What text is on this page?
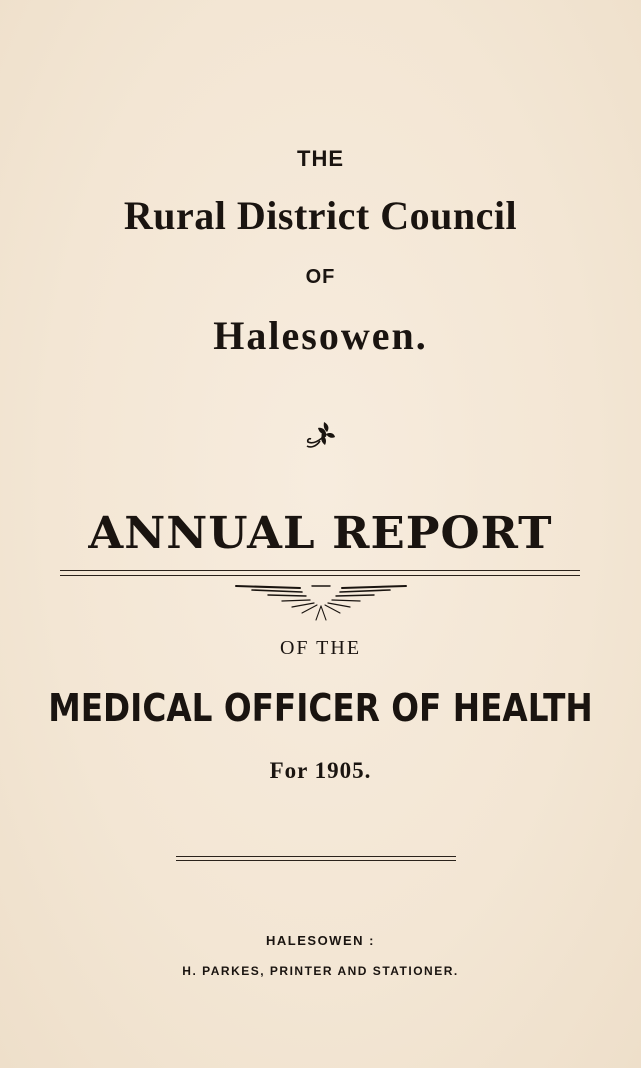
THE
Rural District Council
OF
Halesowen.
ANNUAL REPORT
OF THE
MEDICAL OFFICER OF HEALTH
For 1905.
HALESOWEN :
H. PARKES, PRINTER AND STATIONER.
